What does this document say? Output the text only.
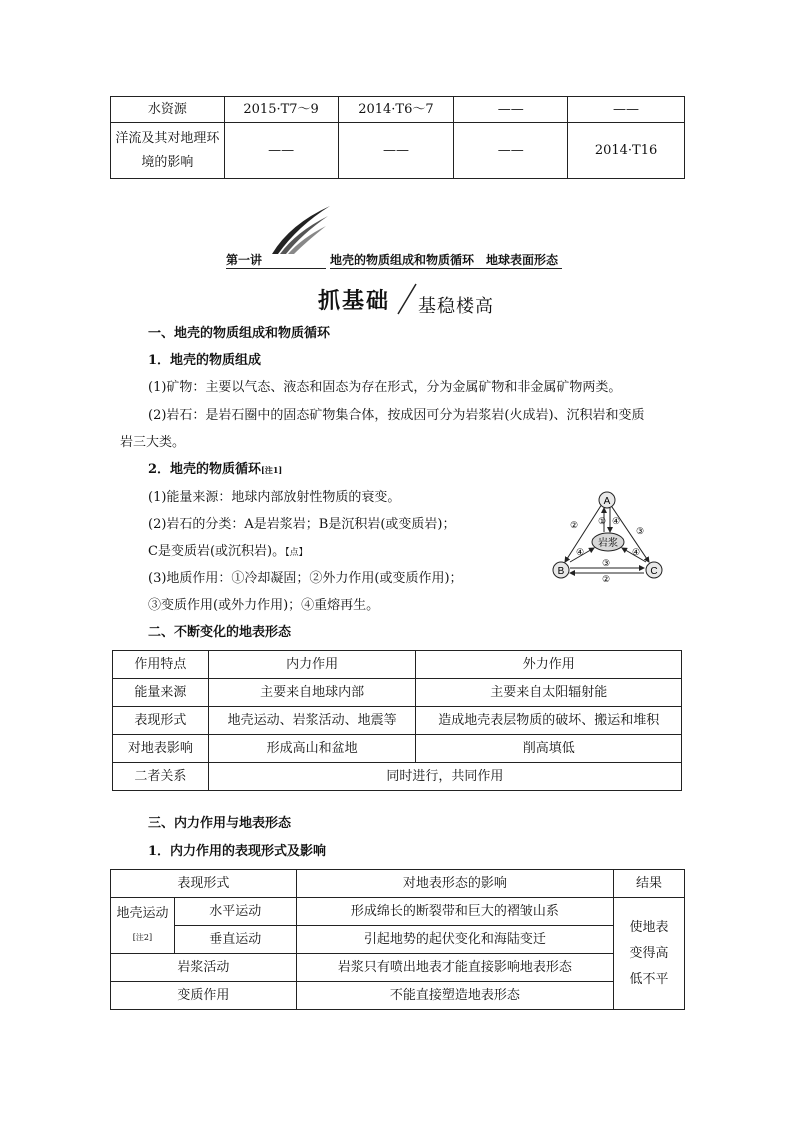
水资源	2015·T7～9	2014·T6～7	——	——
洋流及其对地理环境的影响	——	——	——	2014·T16
第一讲	地壳的物质组成和物质循环　地球表面形态
抓基础 基稳楼高
一、地壳的物质组成和物质循环
1．地壳的物质组成
(1)矿物：主要以气态、液态和固态为存在形式，分为金属矿物和非金属矿物两类。
(2)岩石：是岩石圈中的固态矿物集合体，按成因可分为岩浆岩(火成岩)、沉积岩和变质
岩三大类。
2．地壳的物质循环[注1]
(1)能量来源：地球内部放射性物质的衰变。
(2)岩石的分类：A是岩浆岩；B是沉积岩(或变质岩)；
C是变质岩(或沉积岩)。【点】
(3)地质作用：①冷却凝固；②外力作用(或变质作用)；
③变质作用(或外力作用)；④重熔再生。
A
B	C
岩浆
① ④
②
③
④	④
③
②
二、不断变化的地表形态
作用特点	内力作用	外力作用
能量来源	主要来自地球内部	主要来自太阳辐射能
表现形式	地壳运动、岩浆活动、地震等	造成地壳表层物质的破坏、搬运和堆积
对地表影响	形成高山和盆地	削高填低
二者关系	同时进行，共同作用	
三、内力作用与地表形态
1．内力作用的表现形式及影响
表现形式		对地表形态的影响	结果
地壳运动[注2]	水平运动	形成绵长的断裂带和巨大的褶皱山系	使地表变得高低不平
	垂直运动	引起地势的起伏变化和海陆变迁	
岩浆活动		岩浆只有喷出地表才能直接影响地表形态	
变质作用		不能直接塑造地表形态	
